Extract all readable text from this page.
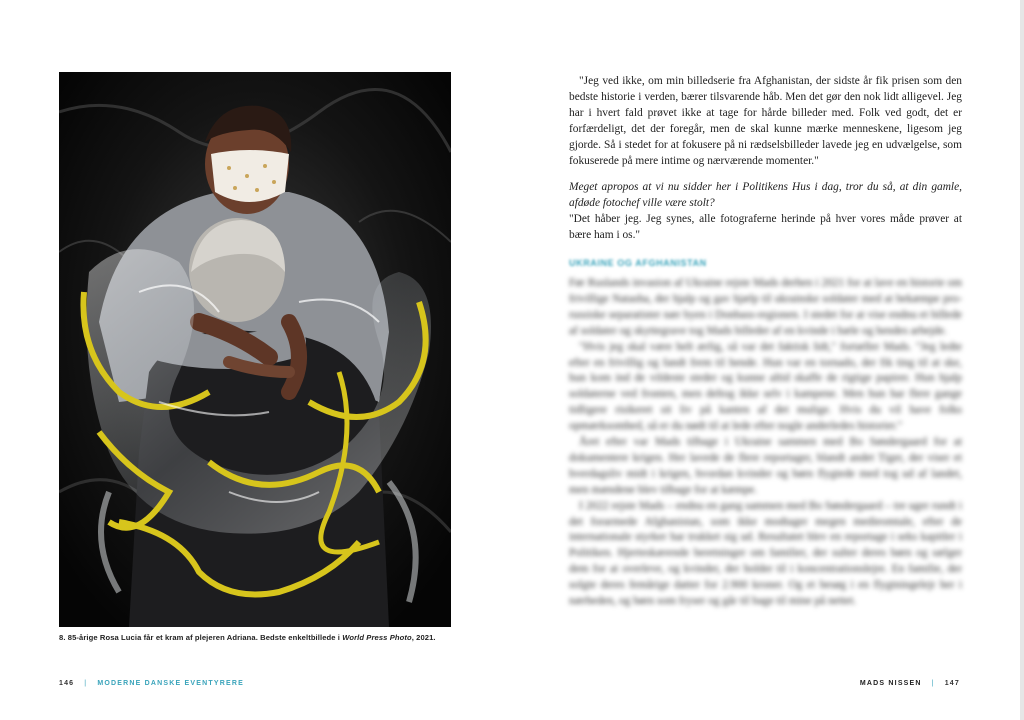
8. 85-årige Rosa Lucia får et kram af plejeren Adriana. Bedste enkeltbillede i World Press Photo, 2021.
146 | MODERNE DANSKE EVENTYRERE

"Jeg ved ikke, om min billedserie fra Afghanistan, der sidste år fik prisen som den bedste historie i verden, bærer tilsvarende håb. Men det gør den nok lidt alligevel. Jeg har i hvert fald prøvet ikke at tage for hårde billeder med. Folk ved godt, det er forfærdeligt, det der foregår, men de skal kunne mærke menneskene, ligesom jeg gjorde. Så i stedet for at fokusere på ni rædselsbilleder lavede jeg en udvælgelse, som fokuserede på mere intime og nærværende momenter."

Meget apropos at vi nu sidder her i Politikens Hus i dag, tror du så, at din gamle, afdøde fotochef ville være stolt?

"Det håber jeg. Jeg synes, alle fotograferne herinde på hver vores måde prøver at bære ham i os."

UKRAINE OG AFGHANISTAN

Før Ruslands invasion af Ukraine rejste Mads derhen i 2021 for at lave en historie om frivillige Natasha, der hjalp og gav hjælp til ukrainske soldater med at bekæmpe pro-russiske separatister nær byen i Donbass-regionen. I stedet for at vise endnu et billede af soldater og skyttegrave tog Mads billeder af en kvinde i hæle og hendes arbejde.

"Hvis jeg skal være helt ærlig, så var det faktisk lidt," fortæller Mads. "Jeg ledte efter en frivillig og fandt frem til hende. Hun var en tornado, der fik ting til at ske, hun kom ind de vildeste steder og kunne altid skaffe de rigtige papirer. Hun hjalp soldaterne ved fronten, men deltog ikke selv i kampene. Men hun har flere gange tidligere risikeret sit liv på kanten af det mulige. Hvis du vil have folks opmærksomhed, så er du nødt til at lede efter nogle anderledes historier."

Året efter var Mads tilbage i Ukraine sammen med Bo Søndergaard for at dokumentere krigen. Her lavede de flere reportager, blandt andet Tiger, der viser et hverdagsliv midt i krigen, hvordan kvinder og børn flygtede med tog ud af landet, men mændene blev tilbage for at kæmpe.

I 2022 rejste Mads – endnu en gang sammen med Bo Søndergaard – tre uger rundt i det forarmede Afghanistan, som ikke modtager megen medieomtale, efter de internationale styrker har trukket sig ud. Resultatet blev en reportage i seks kapitler i Politiken. Hjerteskærende beretninger om familier, der sulter deres børn og sælger dem for at overleve, og kvinder, der holder til i koncentrationslejre. En familie, der solgte deres femårige datter for 2.900 kroner. Og et besøg i en flygtningelejr her i nærheden, og børn som fryser og går til bage til mine på nettet.

MADS NISSEN | 147
